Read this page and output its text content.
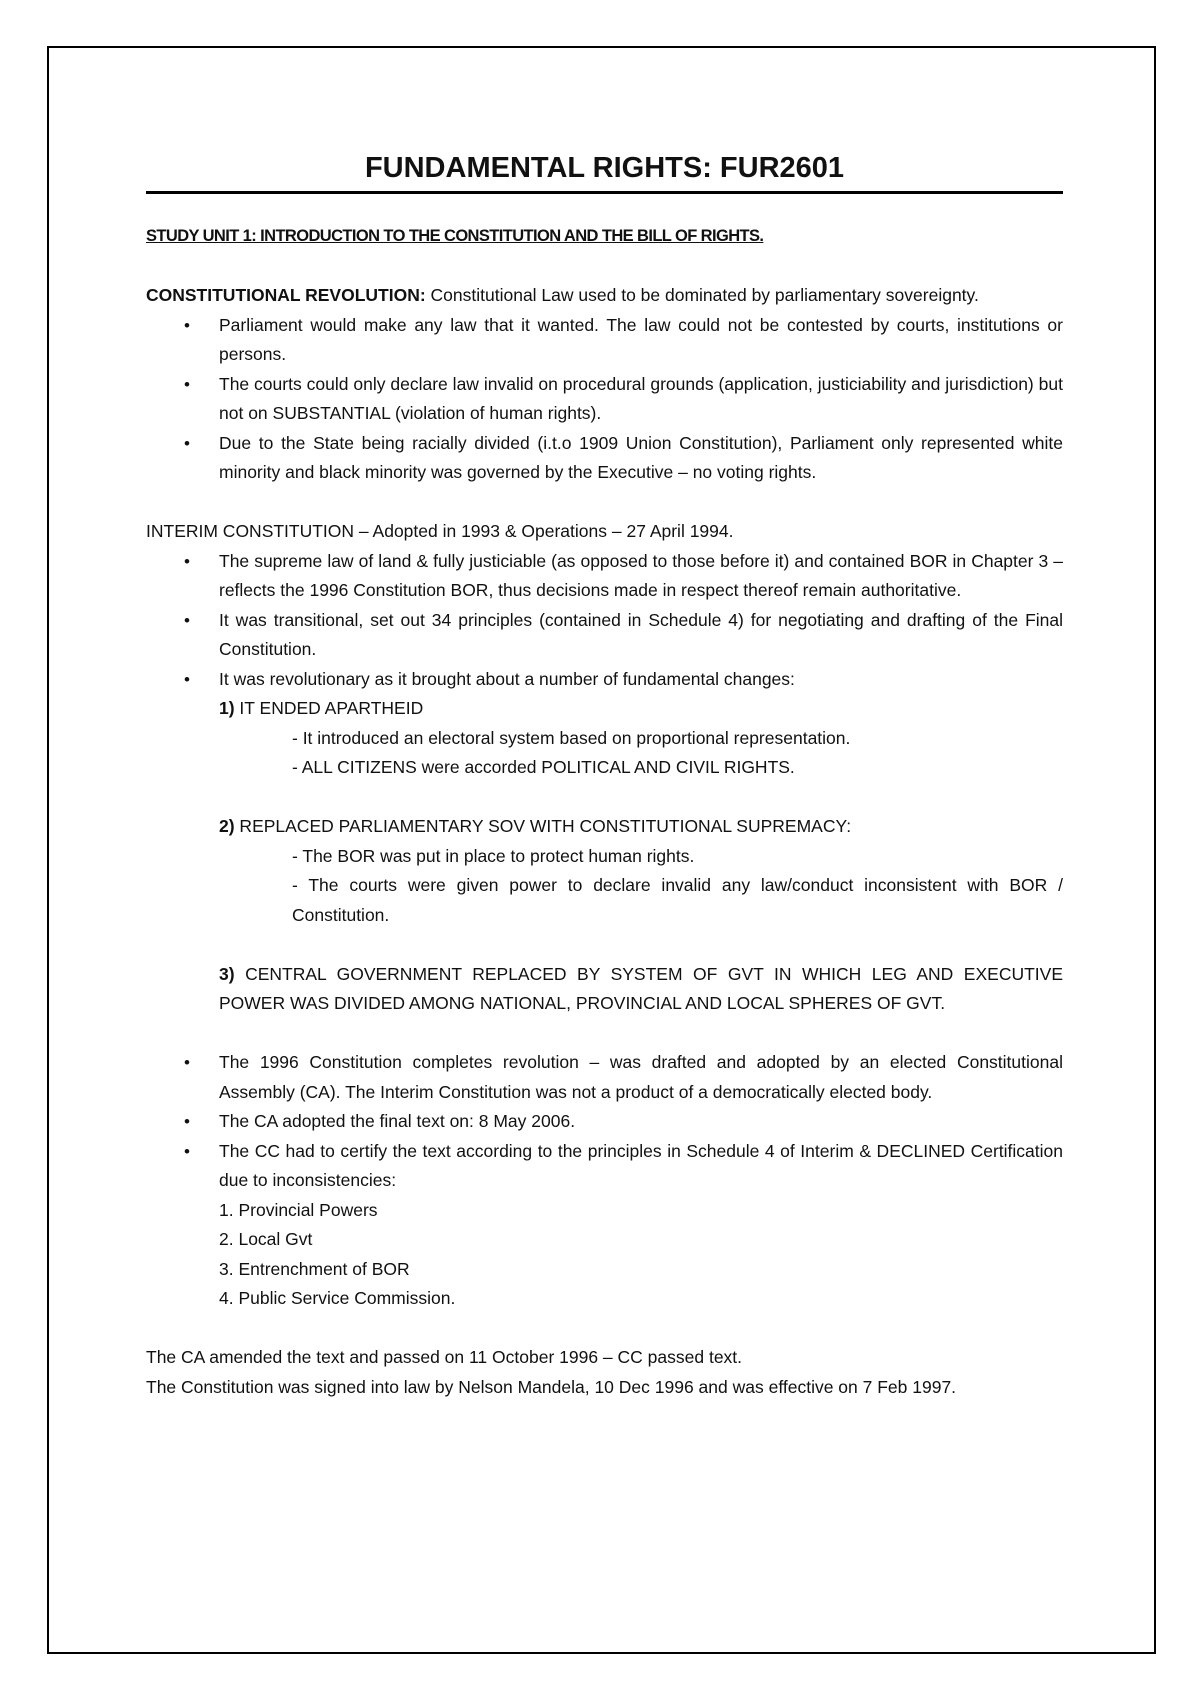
FUNDAMENTAL RIGHTS: FUR2601

STUDY UNIT 1: INTRODUCTION TO THE CONSTITUTION AND THE BILL OF RIGHTS.

CONSTITUTIONAL REVOLUTION: Constitutional Law used to be dominated by parliamentary sovereignty.

• Parliament would make any law that it wanted. The law could not be contested by courts, institutions or persons.
• The courts could only declare law invalid on procedural grounds (application, justiciability and jurisdiction) but not on SUBSTANTIAL (violation of human rights).
• Due to the State being racially divided (i.t.o 1909 Union Constitution), Parliament only represented white minority and black minority was governed by the Executive – no voting rights.

INTERIM CONSTITUTION – Adopted in 1993 & Operations – 27 April 1994.

• The supreme law of land & fully justiciable (as opposed to those before it) and contained BOR in Chapter 3 – reflects the 1996 Constitution BOR, thus decisions made in respect thereof remain authoritative.
• It was transitional, set out 34 principles (contained in Schedule 4) for negotiating and drafting of the Final Constitution.
• It was revolutionary as it brought about a number of fundamental changes:
1) IT ENDED APARTHEID
- It introduced an electoral system based on proportional representation.
- ALL CITIZENS were accorded POLITICAL AND CIVIL RIGHTS.
2) REPLACED PARLIAMENTARY SOV WITH CONSTITUTIONAL SUPREMACY:
- The BOR was put in place to protect human rights.
- The courts were given power to declare invalid any law/conduct inconsistent with BOR / Constitution.
3) CENTRAL GOVERNMENT REPLACED BY SYSTEM OF GVT IN WHICH LEG AND EXECUTIVE POWER WAS DIVIDED AMONG NATIONAL, PROVINCIAL AND LOCAL SPHERES OF GVT.
• The 1996 Constitution completes revolution – was drafted and adopted by an elected Constitutional Assembly (CA). The Interim Constitution was not a product of a democratically elected body.
• The CA adopted the final text on: 8 May 2006.
• The CC had to certify the text according to the principles in Schedule 4 of Interim & DECLINED Certification due to inconsistencies:
1. Provincial Powers
2. Local Gvt
3. Entrenchment of BOR
4. Public Service Commission.

The CA amended the text and passed on 11 October 1996 – CC passed text.

The Constitution was signed into law by Nelson Mandela, 10 Dec 1996 and was effective on 7 Feb 1997.
